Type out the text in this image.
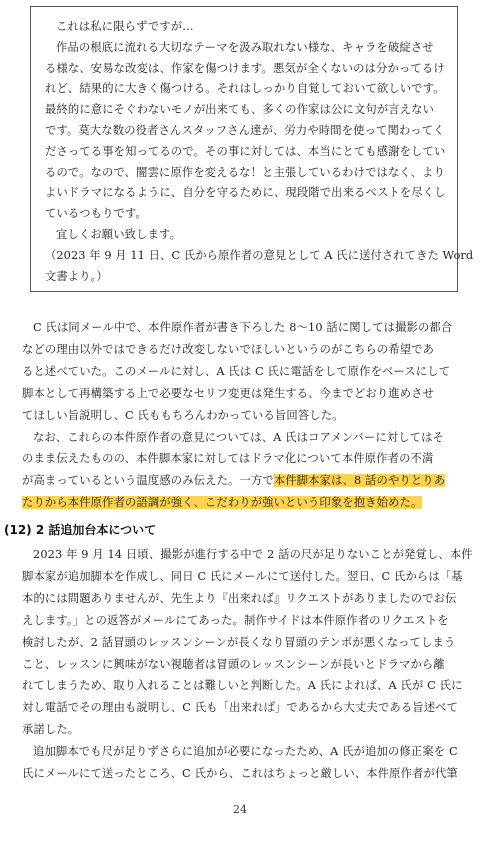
これは私に限らずですが…
作品の根底に流れる大切なテーマを汲み取れない様な、キャラを破綻させ
る様な、安易な改変は、作家を傷つけます。悪気が全くないのは分かってるけ
れど、結果的に大きく傷つける。それはしっかり自覚しておいて欲しいです。
最終的に意にそぐわないモノが出来ても、多くの作家は公に文句が言えない
です。莫大な数の役者さんスタッフさん達が、労力や時間を使って関わってく
ださってる事を知ってるので。その事に対しては、本当にとても感謝をしてい
るので。なので、闇雲に原作を変えるな！と主張しているわけではなく、より
よいドラマになるように、自分を守るために、現段階で出来るベストを尽くし
ているつもりです。
宜しくお願い致します。
（2023 年 9 月 11 日、C 氏から原作者の意見として A 氏に送付されてきた Word
文書より。）
C 氏は同メール中で、本件原作者が書き下ろした 8～10 話に関しては撮影の都合
などの理由以外ではできるだけ改変しないでほしいというのがこちらの希望であ
ると述べていた。このメールに対し、A 氏は C 氏に電話をして原作をベースにして
脚本として再構築する上で必要なセリフ変更は発生する、今までどおり進めさせ
てほしい旨説明し、C 氏ももちろんわかっている旨回答した。
なお、これらの本件原作者の意見については、A 氏はコアメンバーに対してはそ
のまま伝えたものの、本件脚本家に対してはドラマ化について本件原作者の不満
が高まっているという温度感のみ伝えた。一方で本件脚本家は、8 話のやりとりあ
たりから本件原作者の語調が強く、こだわりが強いという印象を抱き始めた。
(12) 2 話追加台本について
2023 年 9 月 14 日頃、撮影が進行する中で 2 話の尺が足りないことが発覚し、本件
脚本家が追加脚本を作成し、同日 C 氏にメールにて送付した。翌日、C 氏からは「基
本的には問題ありませんが、先生より『出来れば』リクエストがありましたのでお伝
えします。」との返答がメールにてあった。制作サイドは本件原作者のリクエストを
検討したが、2 話冒頭のレッスンシーンが長くなり冒頭のテンポが悪くなってしまう
こと、レッスンに興味がない視聴者は冒頭のレッスンシーンが長いとドラマから離
れてしまうため、取り入れることは難しいと判断した。A 氏によれば、A 氏が C 氏に
対し電話でその理由も説明し、C 氏も「出来れば」であるから大丈夫である旨述べて
承諾した。
追加脚本でも尺が足りずさらに追加が必要になったため、A 氏が追加の修正案を C
氏にメールにて送ったところ、C 氏から、これはちょっと厳しい、本件原作者が代筆
24
